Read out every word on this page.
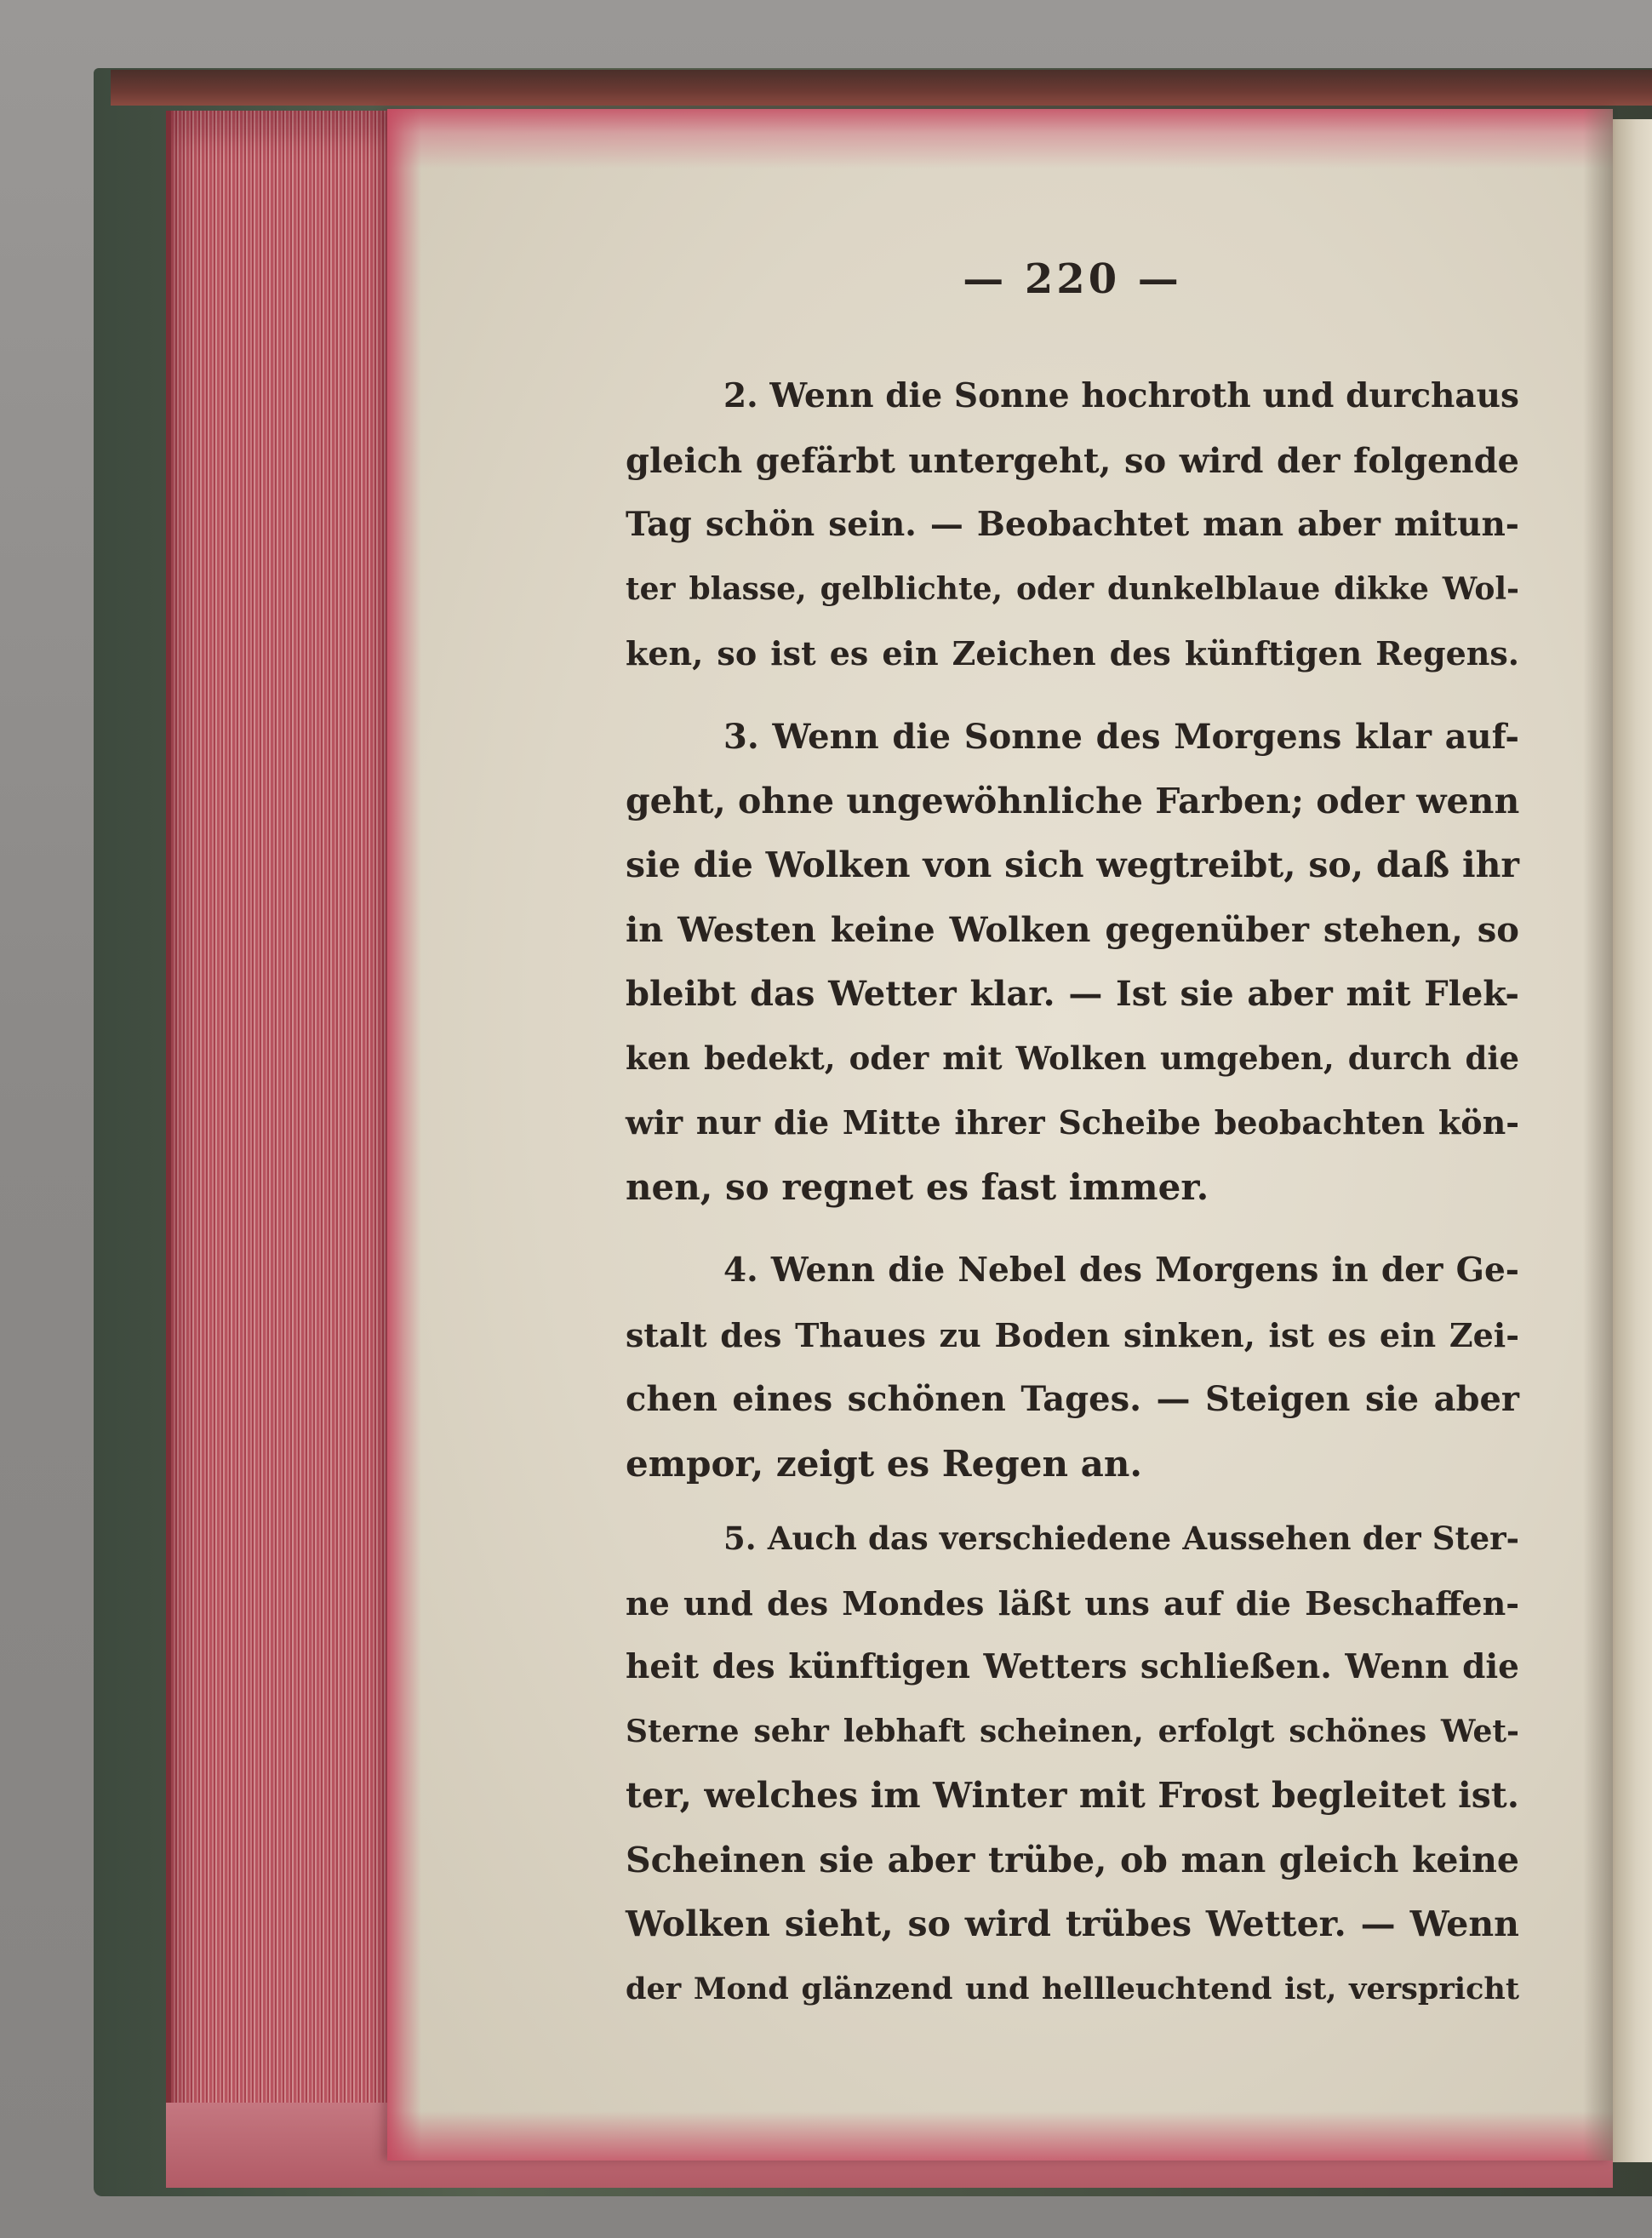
— 220 —
2. Wenn die Sonne hochroth und durchaus
gleich gefärbt untergeht, so wird der folgende
Tag schön sein. — Beobachtet man aber mitun-
ter blasse, gelblichte, oder dunkelblaue dikke Wol-
ken, so ist es ein Zeichen des künftigen Regens.
3. Wenn die Sonne des Morgens klar auf-
geht, ohne ungewöhnliche Farben; oder wenn
sie die Wolken von sich wegtreibt, so, daß ihr
in Westen keine Wolken gegenüber stehen, so
bleibt das Wetter klar. — Ist sie aber mit Flek-
ken bedekt, oder mit Wolken umgeben, durch die
wir nur die Mitte ihrer Scheibe beobachten kön-
nen, so regnet es fast immer.
4. Wenn die Nebel des Morgens in der Ge-
stalt des Thaues zu Boden sinken, ist es ein Zei-
chen eines schönen Tages. — Steigen sie aber
empor, zeigt es Regen an.
5. Auch das verschiedene Aussehen der Ster-
ne und des Mondes läßt uns auf die Beschaffen-
heit des künftigen Wetters schließen. Wenn die
Sterne sehr lebhaft scheinen, erfolgt schönes Wet-
ter, welches im Winter mit Frost begleitet ist.
Scheinen sie aber trübe, ob man gleich keine
Wolken sieht, so wird trübes Wetter. — Wenn
der Mond glänzend und hellleuchtend ist, verspricht
